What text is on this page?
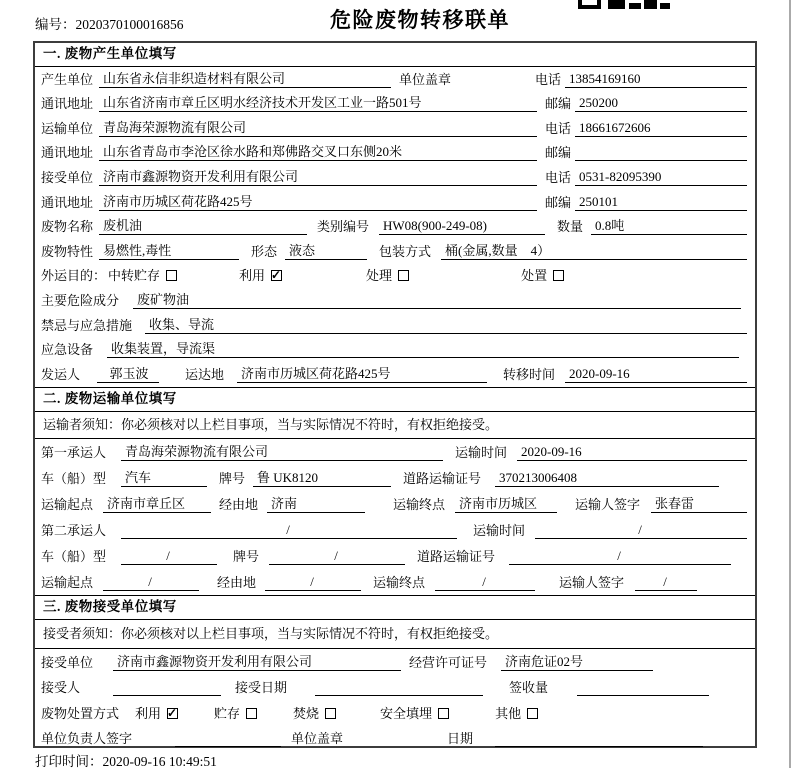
编号：2020370100016856	危险废物转移联单
一. 废物产生单位填写
产生单位 山东省永信非织造材料有限公司	单位盖章	电话 13854169160
通讯地址 山东省济南市章丘区明水经济技术开发区工业一路501号	邮编 250200
运输单位 青岛海荣源物流有限公司	电话 18661672606
通讯地址 山东省青岛市李沧区徐水路和郑佛路交叉口东侧20米	邮编
接受单位 济南市鑫源物资开发利用有限公司	电话 0531-82095390
通讯地址 济南市历城区荷花路425号	邮编 250101
废物名称 废机油	类别编号	HW08(900-249-08)	数量 0.8吨
废物特性 易燃性,毒性	形态 液态	包装方式	桶(金属,数量　4）
外运目的： 中转贮存	利用 ✓	处理	处置
主要危险成分	废矿物油
禁忌与应急措施	收集、导流
应急设备	收集装置，导流渠
发运人	郭玉波	运达地	济南市历城区荷花路425号	转移时间	2020-09-16
二. 废物运输单位填写
运输者须知：你必须核对以上栏目事项，当与实际情况不符时，有权拒绝接受。
第一承运人	青岛海荣源物流有限公司	运输时间	2020-09-16
车（船）型	汽车	牌号 鲁 UK8120	道路运输证号	370213006408
运输起点	济南市章丘区	经由地 济南	运输终点	济南市历城区	运输人签字	张春雷
第二承运人	/	运输时间	/
车（船）型	/	牌号	/	道路运输证号	/
运输起点	/	经由地	/	运输终点	/	运输人签字	/
三. 废物接受单位填写
接受者须知：你必须核对以上栏目事项，当与实际情况不符时，有权拒绝接受。
接受单位	济南市鑫源物资开发利用有限公司	经营许可证号	济南危证02号
接受人	接受日期	签收量
废物处置方式	利用 ✓	贮存	焚烧	安全填埋	其他
单位负责人签字	单位盖章	日期
打印时间：2020-09-16 10:49:51
